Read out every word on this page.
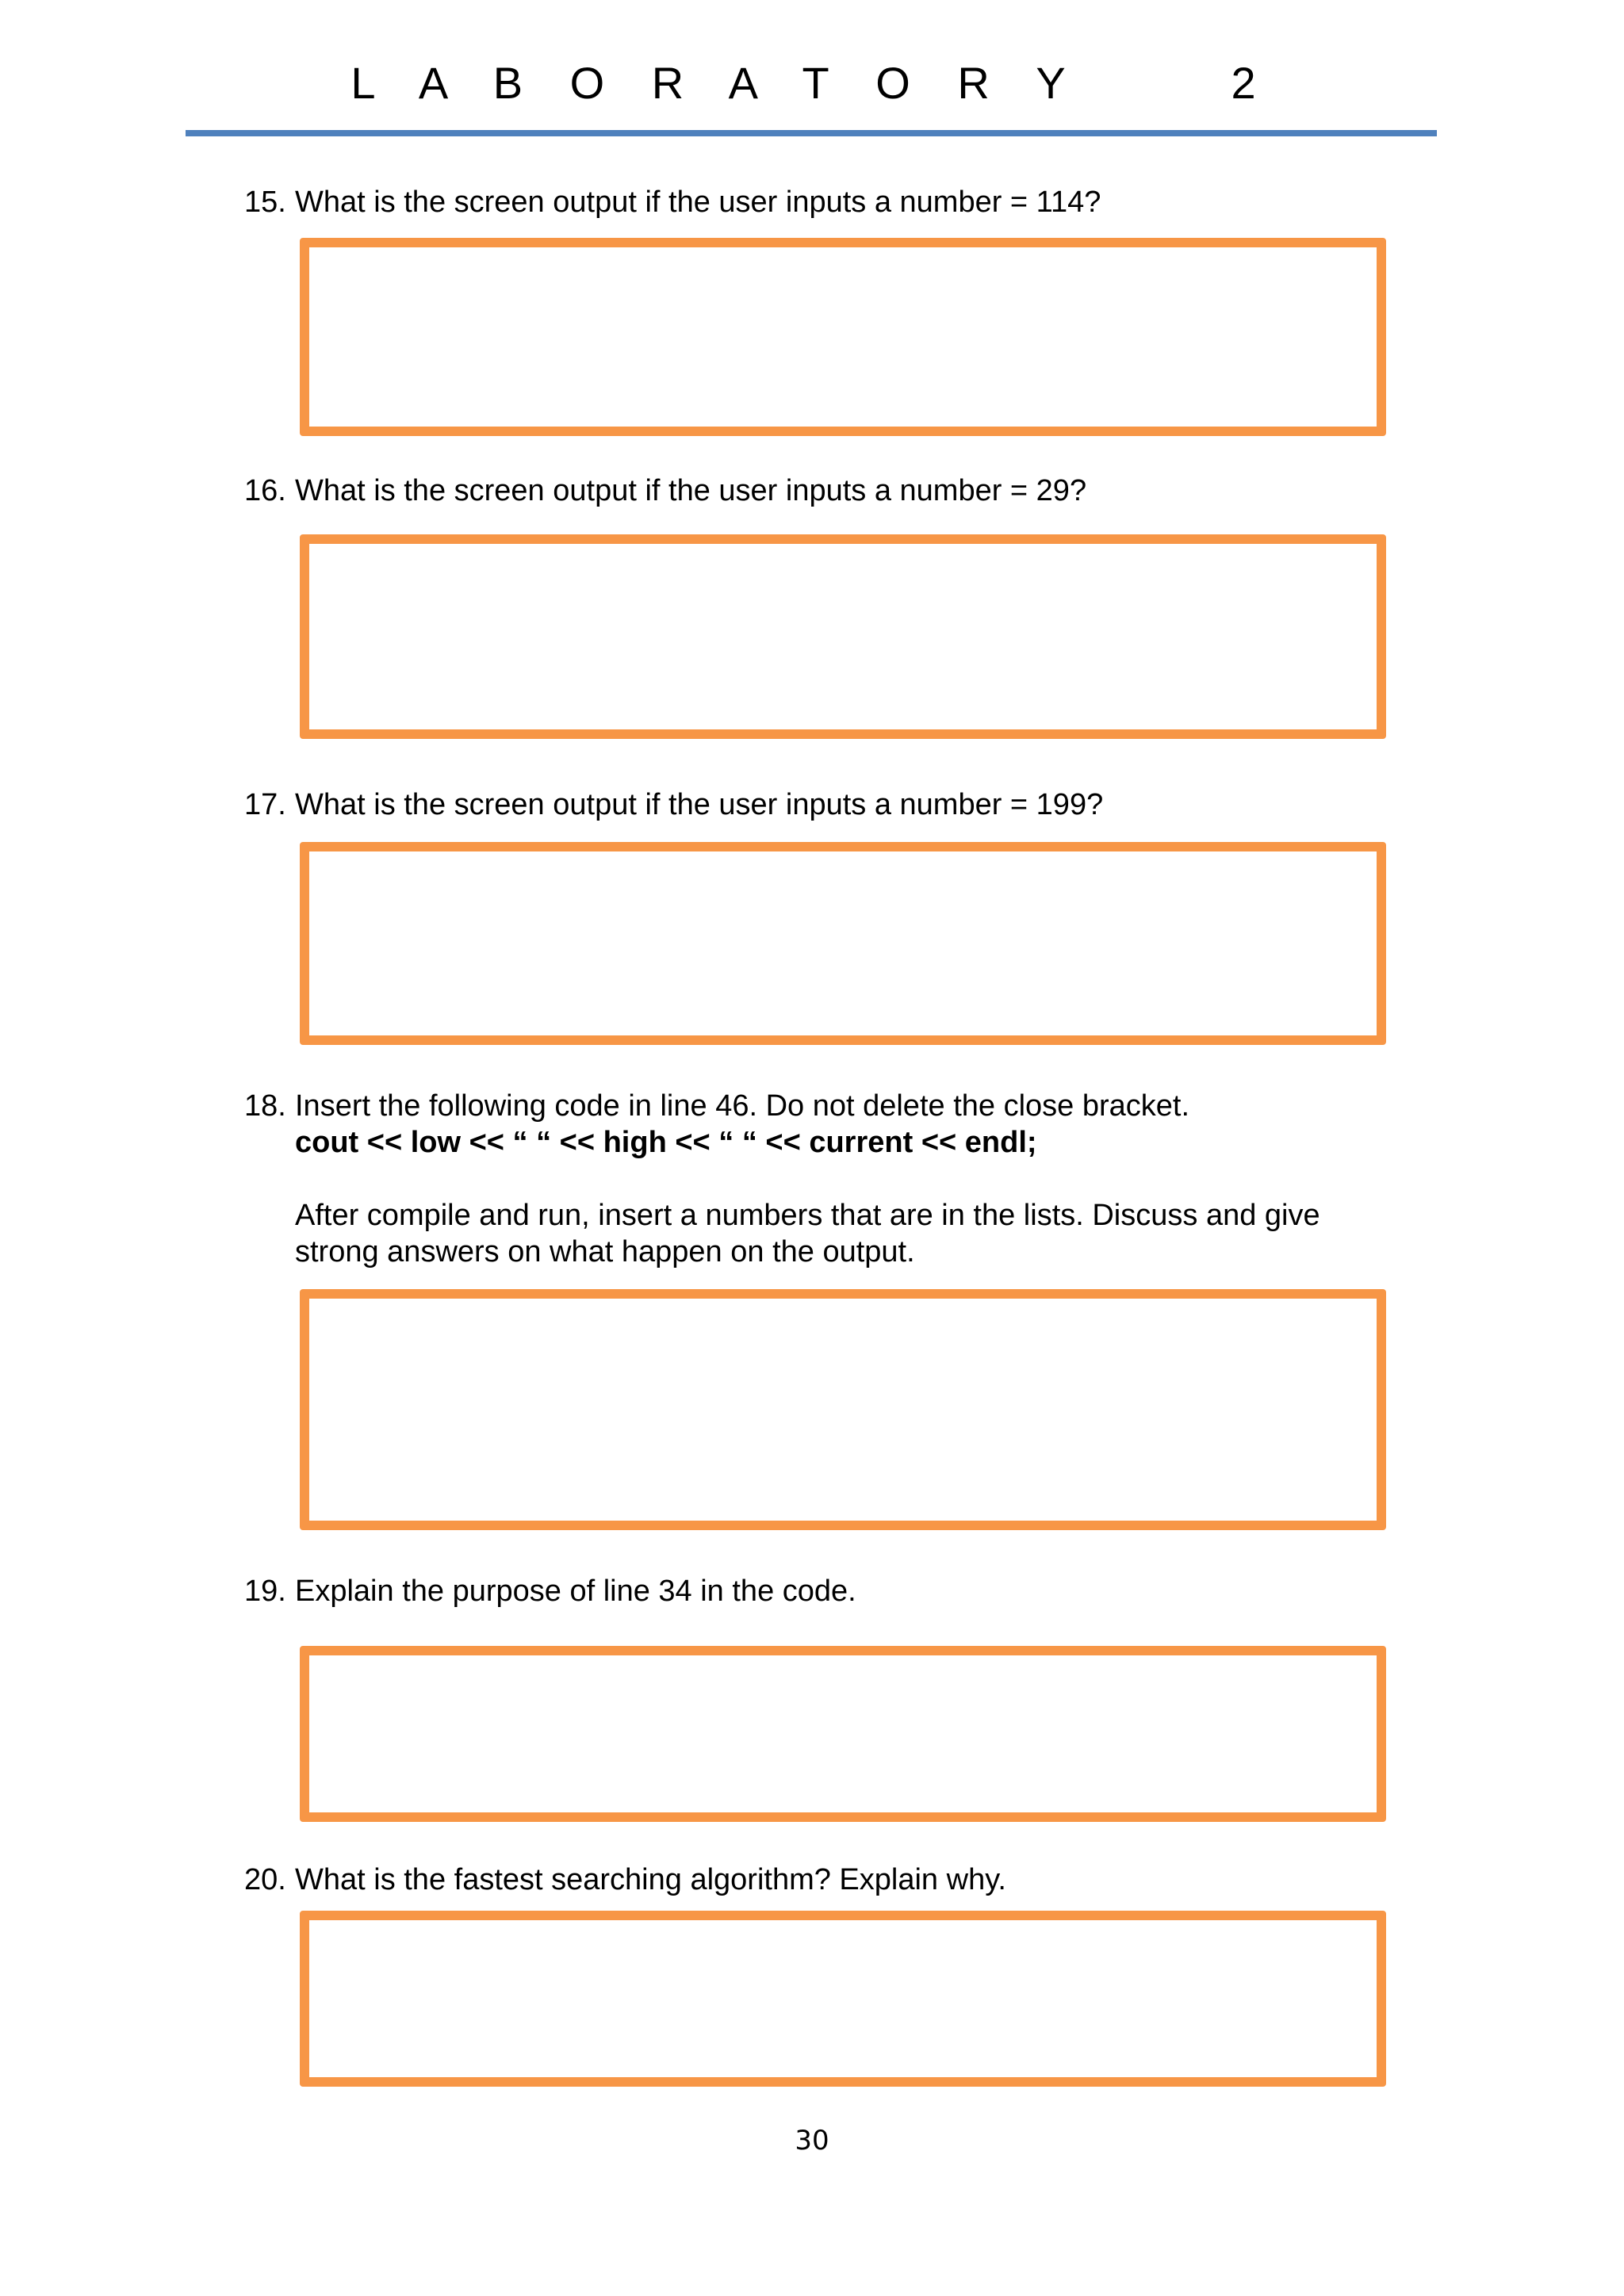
L A B O R A T O R Y     2
15. What is the screen output if the user inputs a number = 114?
16. What is the screen output if the user inputs a number = 29?
17. What is the screen output if the user inputs a number = 199?
18. Insert the following code in line 46. Do not delete the close bracket.
cout << low << “ “ << high << “ “ << current << endl;
After compile and run, insert a numbers that are in the lists. Discuss and give
strong answers on what happen on the output.
19. Explain the purpose of line 34 in the code.
20. What is the fastest searching algorithm? Explain why.
30
